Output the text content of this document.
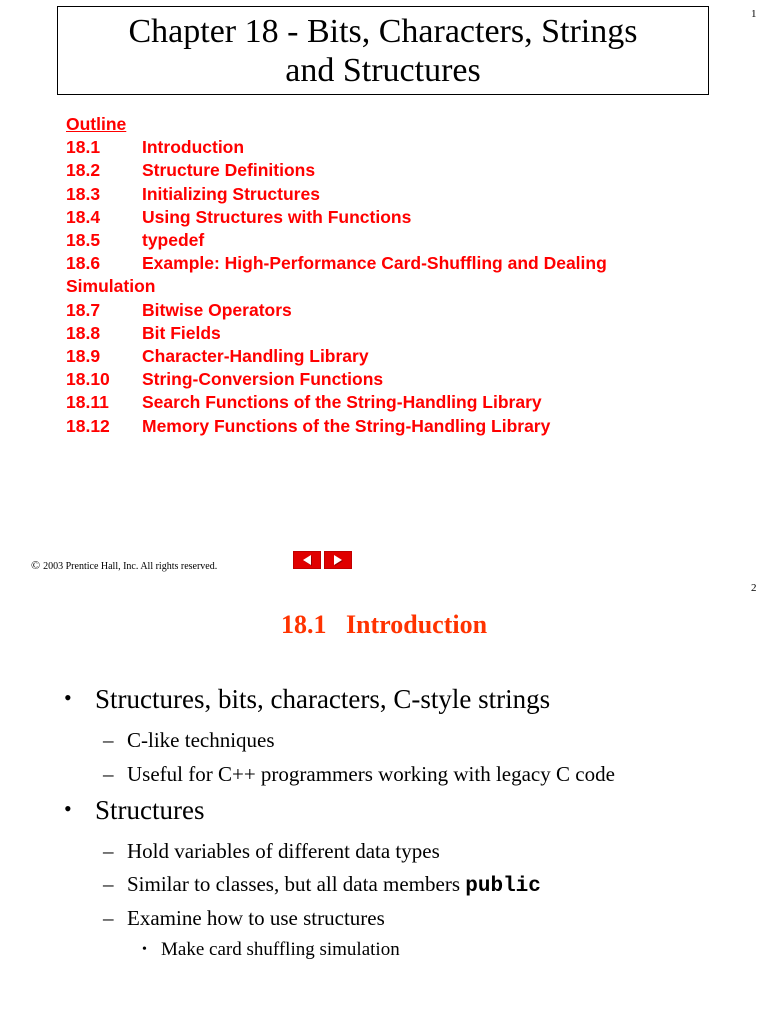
1
Chapter 18 - Bits, Characters, Strings
and Structures
Outline
18.1 Introduction
18.2 Structure Definitions
18.3 Initializing Structures
18.4 Using Structures with Functions
18.5 typedef
18.6 Example: High-Performance Card-Shuffling and Dealing
Simulation
18.7 Bitwise Operators
18.8 Bit Fields
18.9 Character-Handling Library
18.10 String-Conversion Functions
18.11 Search Functions of the String-Handling Library
18.12 Memory Functions of the String-Handling Library
© 2003 Prentice Hall, Inc. All rights reserved.
2
18.1   Introduction
• Structures, bits, characters, C-style strings
– C-like techniques
– Useful for C++ programmers working with legacy C code
• Structures
– Hold variables of different data types
– Similar to classes, but all data members public
– Examine how to use structures
• Make card shuffling simulation
